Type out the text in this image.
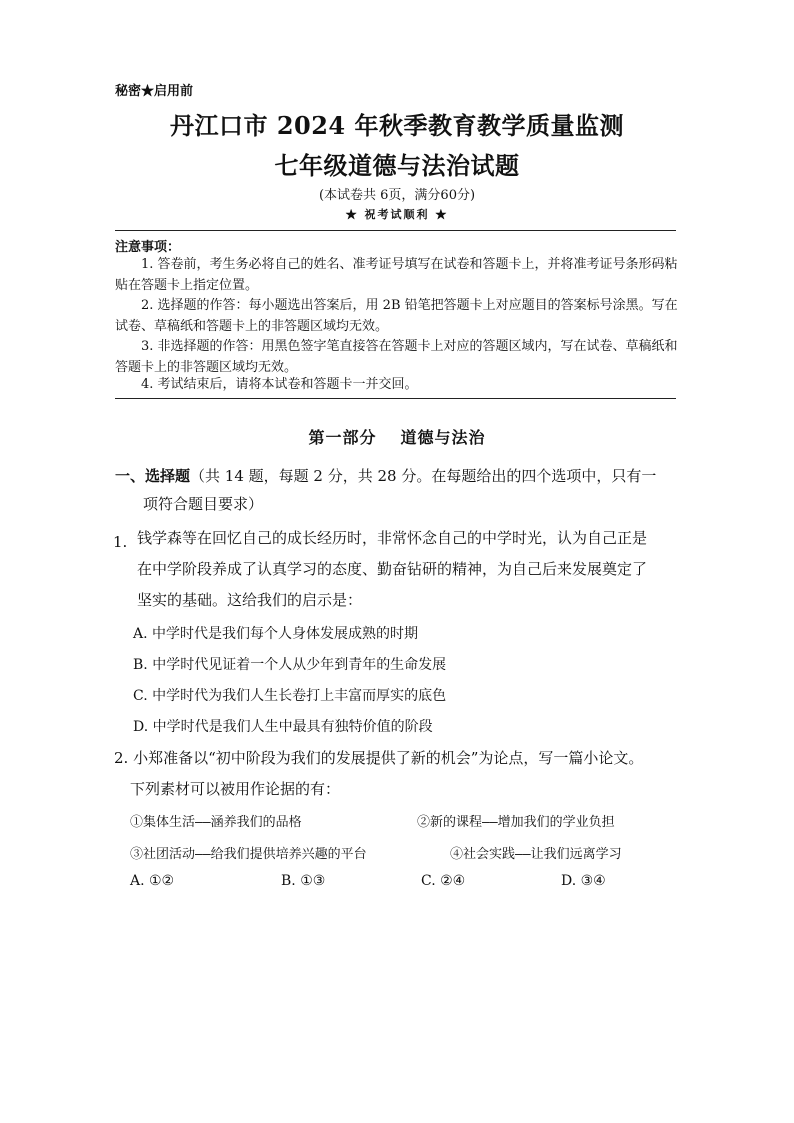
秘密★启用前
丹江口市 2024 年秋季教育教学质量监测
七年级道德与法治试题
(本试卷共 6页，满分60分)
★ 祝考试顺利 ★
注意事项：
1. 答卷前，考生务必将自己的姓名、准考证号填写在试卷和答题卡上，并将准考证号条形码粘贴在答题卡上指定位置。
2. 选择题的作答：每小题选出答案后，用 2B 铅笔把答题卡上对应题目的答案标号涂黑。写在试卷、草稿纸和答题卡上的非答题区域均无效。
3. 非选择题的作答：用黑色签字笔直接答在答题卡上对应的答题区域内，写在试卷、草稿纸和答题卡上的非答题区域均无效。
4. 考试结束后，请将本试卷和答题卡一并交回。
第一部分 道德与法治
一、选择题（共 14 题，每题 2 分，共 28 分。在每题给出的四个选项中，只有一
项符合题目要求）
1. 钱学森等在回忆自己的成长经历时，非常怀念自己的中学时光，认为自己正是
在中学阶段养成了认真学习的态度、勤奋钻研的精神，为自己后来发展奠定了
坚实的基础。这给我们的启示是：
A. 中学时代是我们每个人身体发展成熟的时期
B. 中学时代见证着一个人从少年到青年的生命发展
C. 中学时代为我们人生长卷打上丰富而厚实的底色
D. 中学时代是我们人生中最具有独特价值的阶段
2. 小郑准备以“初中阶段为我们的发展提供了新的机会”为论点，写一篇小论文。
下列素材可以被用作论据的有：
①集体生活——涵养我们的品格	②新的课程——增加我们的学业负担
③社团活动——给我们提供培养兴趣的平台	④社会实践——让我们远离学习
A. ①②	B. ①③	C. ②④	D. ③④
